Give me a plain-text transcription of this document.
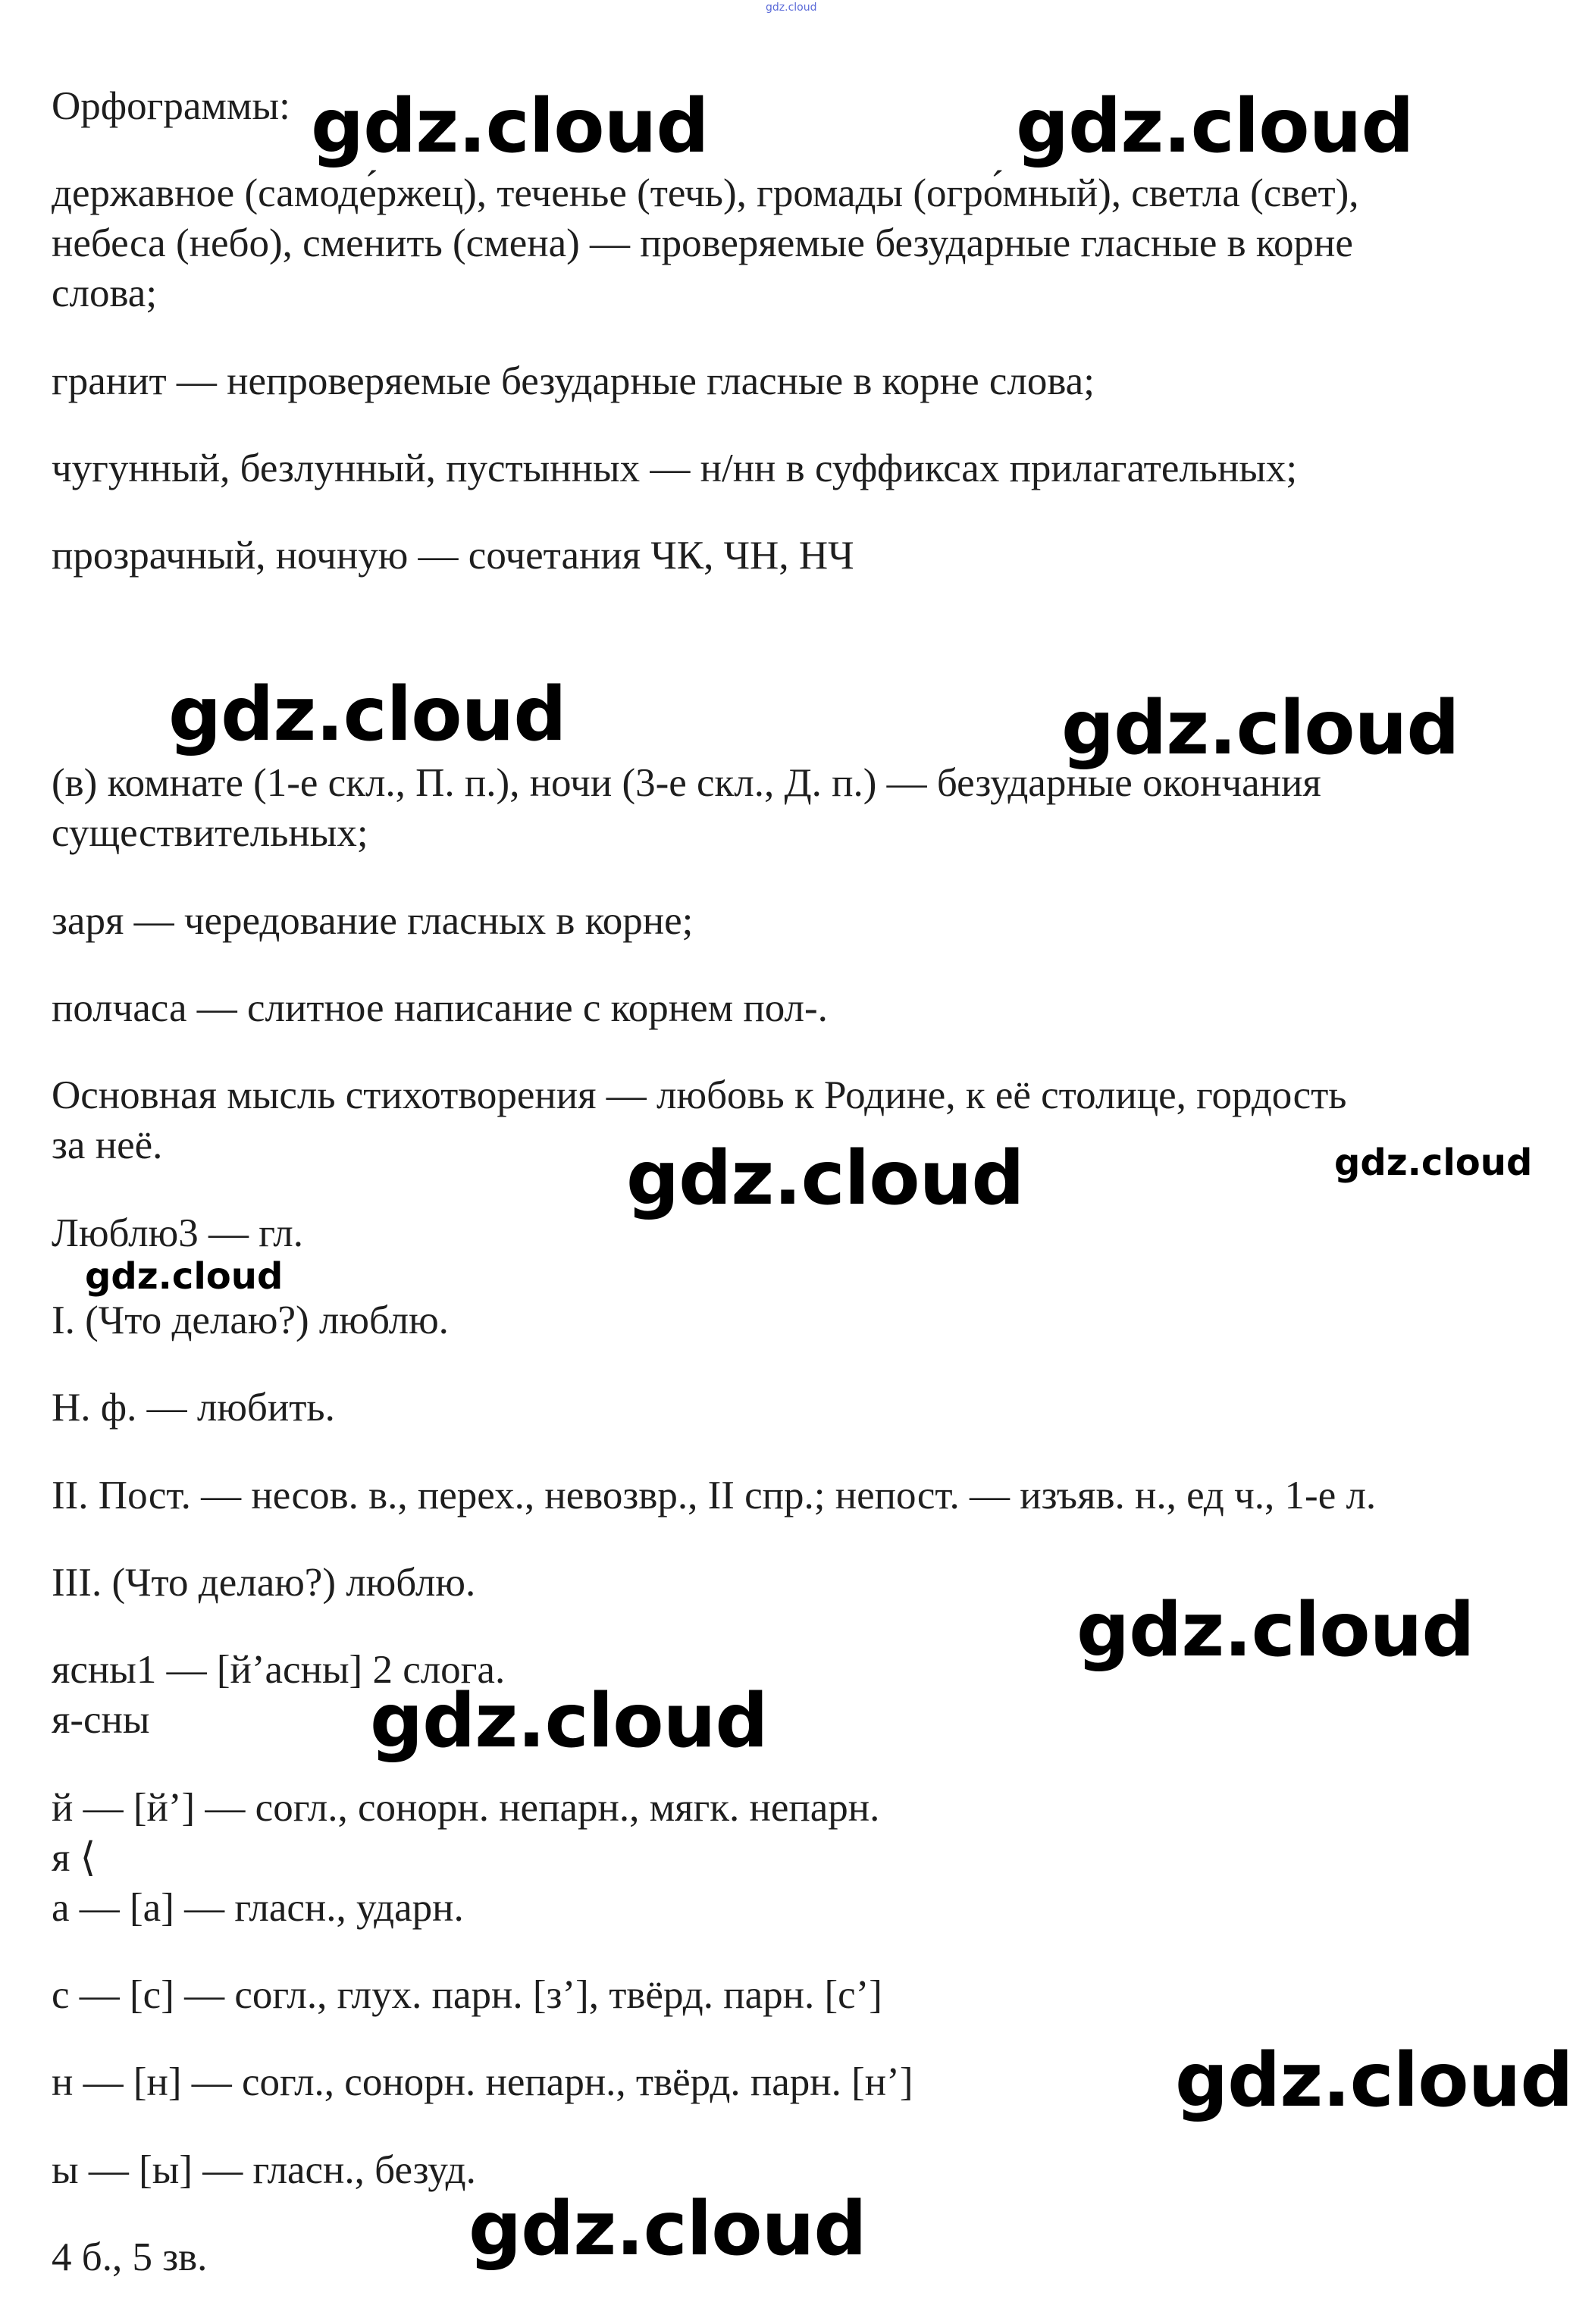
gdz.cloud
Орфограммы:
державное (самоде́ржец), теченье (течь), громады (огро́мный), светла (свет),
небеса (небо), сменить (смена) — проверяемые безударные гласные в корне
слова;
гранит — непроверяемые безударные гласные в корне слова;
чугунный, безлунный, пустынных — н/нн в суффиксах прилагательных;
прозрачный, ночную — сочетания ЧК, ЧН, НЧ
(в) комнате (1-е скл., П. п.), ночи (3-е скл., Д. п.) — безударные окончания
существительных;
заря — чередование гласных в корне;
полчаса — слитное написание с корнем пол-.
Основная мысль стихотворения — любовь к Родине, к её столице, гордость
за неё.
Люблю3 — гл.
I. (Что делаю?) люблю.
Н. ф. — любить.
II. Пост. — несов. в., перех., невозвр., II спр.; непост. — изъяв. н., ед ч., 1-е л.
III. (Что делаю?) люблю.
ясны1 — [й’асны] 2 слога.
я-сны
й — [й’] — согл., сонорн. непарн., мягк. непарн.
я ⟨
а — [а] — гласн., ударн.
с — [с] — согл., глух. парн. [з’], твёрд. парн. [с’]
н — [н] — согл., сонорн. непарн., твёрд. парн. [н’]
ы — [ы] — гласн., безуд.
4 б., 5 зв.
gdz.cloud	gdz.cloud
gdz.cloud	gdz.cloud
gdz.cloud	gdz.cloud
gdz.cloud
gdz.cloud
gdz.cloud
gdz.cloud
gdz.cloud
